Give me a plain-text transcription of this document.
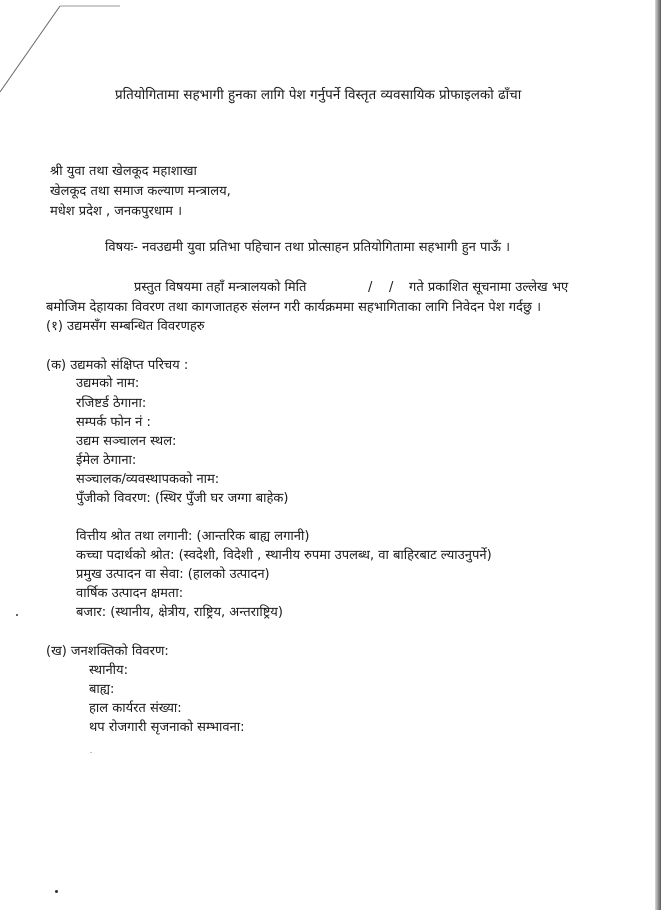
प्रतियोगितामा सहभागी हुनका लागि पेश गर्नुपर्ने विस्तृत व्यवसायिक प्रोफाइलको ढाँचा
श्री युवा तथा खेलकूद महाशाखा
खेलकूद तथा समाज कल्याण मन्त्रालय,
मधेश प्रदेश , जनकपुरधाम ।
विषयः- नवउद्यमी युवा प्रतिभा पहिचान तथा प्रोत्साहन प्रतियोगितामा सहभागी हुन पाऊँ ।
प्रस्तुत विषयमा तहाँ मन्त्रालयको मिति	/ / गते प्रकाशित सूचनामा उल्लेख भए
बमोजिम देहायका विवरण तथा कागजातहरु संलग्न गरी कार्यक्रममा सहभागिताका लागि निवेदन पेश गर्दछु ।
(१) उद्यमसँग सम्बन्धित विवरणहरु
(क) उद्यमको संक्षिप्त परिचय :
उद्यमको नाम:
रजिष्टर्ड ठेगाना:
सम्पर्क फोन नं :
उद्यम सञ्चालन स्थल:
ईमेल ठेगाना:
सञ्चालक/व्यवस्थापकको नाम:
पुँजीको विवरण: (स्थिर पुँजी घर जग्गा बाहेक)
वित्तीय श्रोत तथा लगानी: (आन्तरिक बाह्य लगानी)
कच्चा पदार्थको श्रोत: (स्वदेशी, विदेशी , स्थानीय रुपमा उपलब्ध, वा बाहिरबाट ल्याउनुपर्ने)
प्रमुख उत्पादन वा सेवा: (हालको उत्पादन)
वार्षिक उत्पादन क्षमता:
बजार: (स्थानीय, क्षेत्रीय, राष्ट्रिय, अन्तराष्ट्रिय)
(ख) जनशक्तिको विवरण:
स्थानीय:
बाह्य:
हाल कार्यरत संख्या:
थप रोजगारी सृजनाको सम्भावना:
